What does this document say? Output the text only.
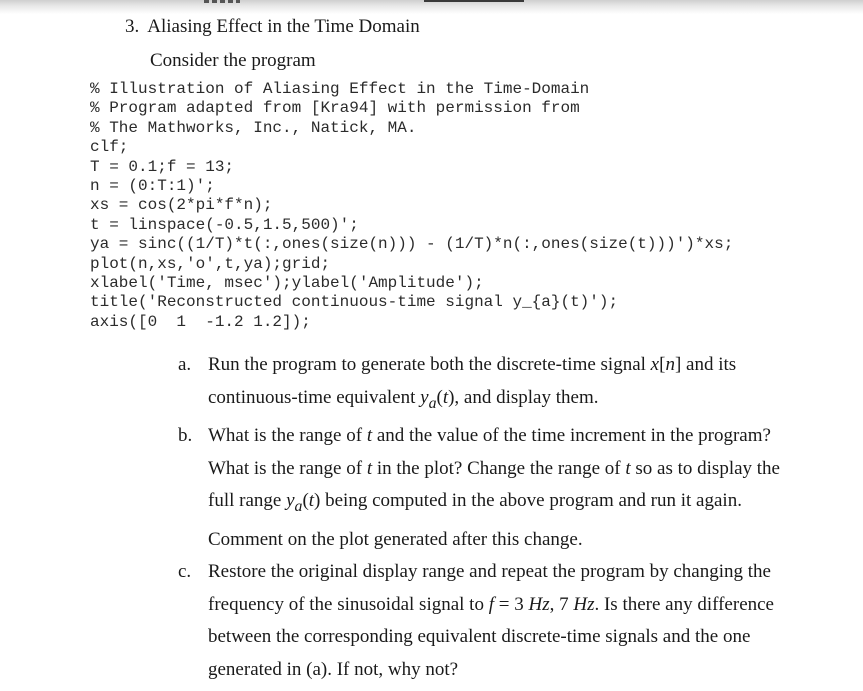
3. Aliasing Effect in the Time Domain
Consider the program
% Illustration of Aliasing Effect in the Time-Domain
% Program adapted from [Kra94] with permission from
% The Mathworks, Inc., Natick, MA.
clf;
T = 0.1;f = 13;
n = (0:T:1)';
xs = cos(2*pi*f*n);
t = linspace(-0.5,1.5,500)';
ya = sinc((1/T)*t(:,ones(size(n))) - (1/T)*n(:,ones(size(t)))')*xs;
plot(n,xs,'o',t,ya);grid;
xlabel('Time, msec');ylabel('Amplitude');
title('Reconstructed continuous-time signal y_{a}(t)');
axis([0  1  -1.2 1.2]);
a. Run the program to generate both the discrete-time signal x[n] and its
continuous-time equivalent $y_a(t)$, and display them.
b. What is the range of t and the value of the time increment in the program?
What is the range of t in the plot? Change the range of t so as to display the
full range $y_a(t)$ being computed in the above program and run it again.
Comment on the plot generated after this change.
c. Restore the original display range and repeat the program by changing the
frequency of the sinusoidal signal to f = 3 Hz, 7 Hz. Is there any difference
between the corresponding equivalent discrete-time signals and the one
generated in (a). If not, why not?
